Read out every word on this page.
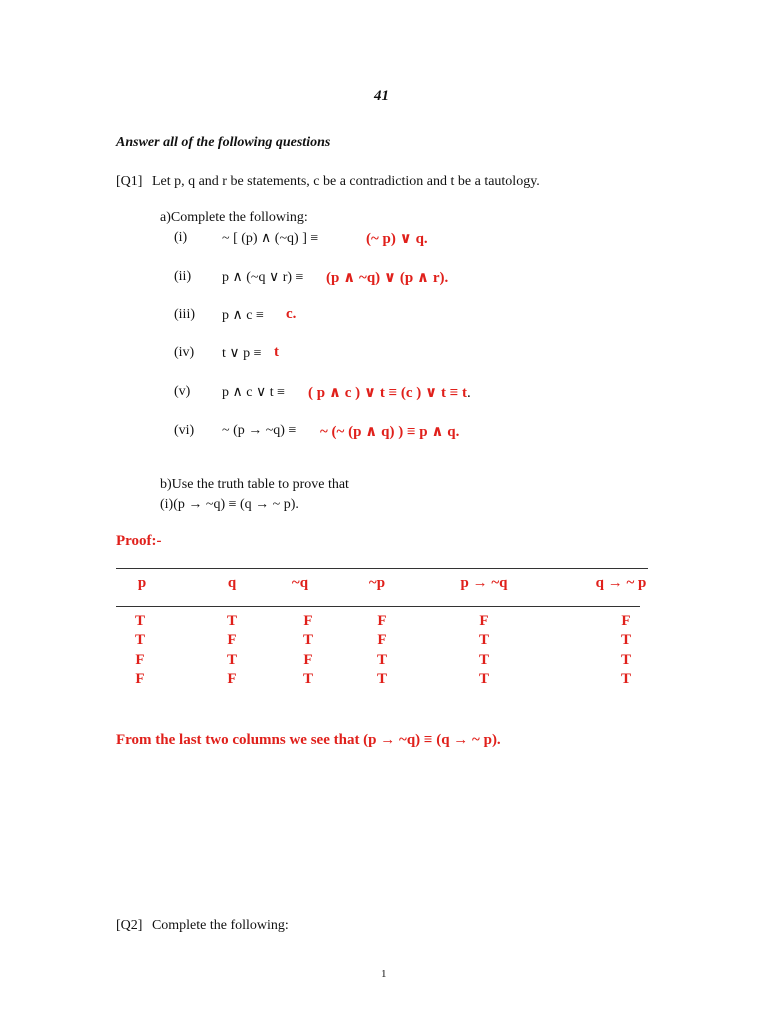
41
Answer all of the following questions
[Q1] Let p, q and r be statements, c be a contradiction and t be a tautology.
a)Complete the following:
(i) ~ [ (p) ∧ (~q) ] ≡	(~ p) ∨ q.
(ii) p ∧ (~q ∨ r) ≡ (p ∧ ~q) ∨ (p ∧ r).
(iii) p ∧ c ≡ c.
(iv) t ∨ p ≡ t
(v) p ∧ c ∨ t ≡ ( p ∧ c ) ∨ t ≡ (c ) ∨ t ≡ t.
(vi) ~ (p → ~q) ≡ ~ (~ (p ∧ q) ) ≡ p ∧ q.
b)Use the truth table to prove that
(i)(p → ~q) ≡ (q → ~ p).
Proof:-
p	q	~q	~p	p → ~q	q → ~ p
T	T	F	F	F	F
T	F	T	F	T	T
F	T	F	T	T	T
F	F	T	T	T	T
From the last two columns we see that (p → ~q) ≡ (q → ~ p).
[Q2] Complete the following:
1
